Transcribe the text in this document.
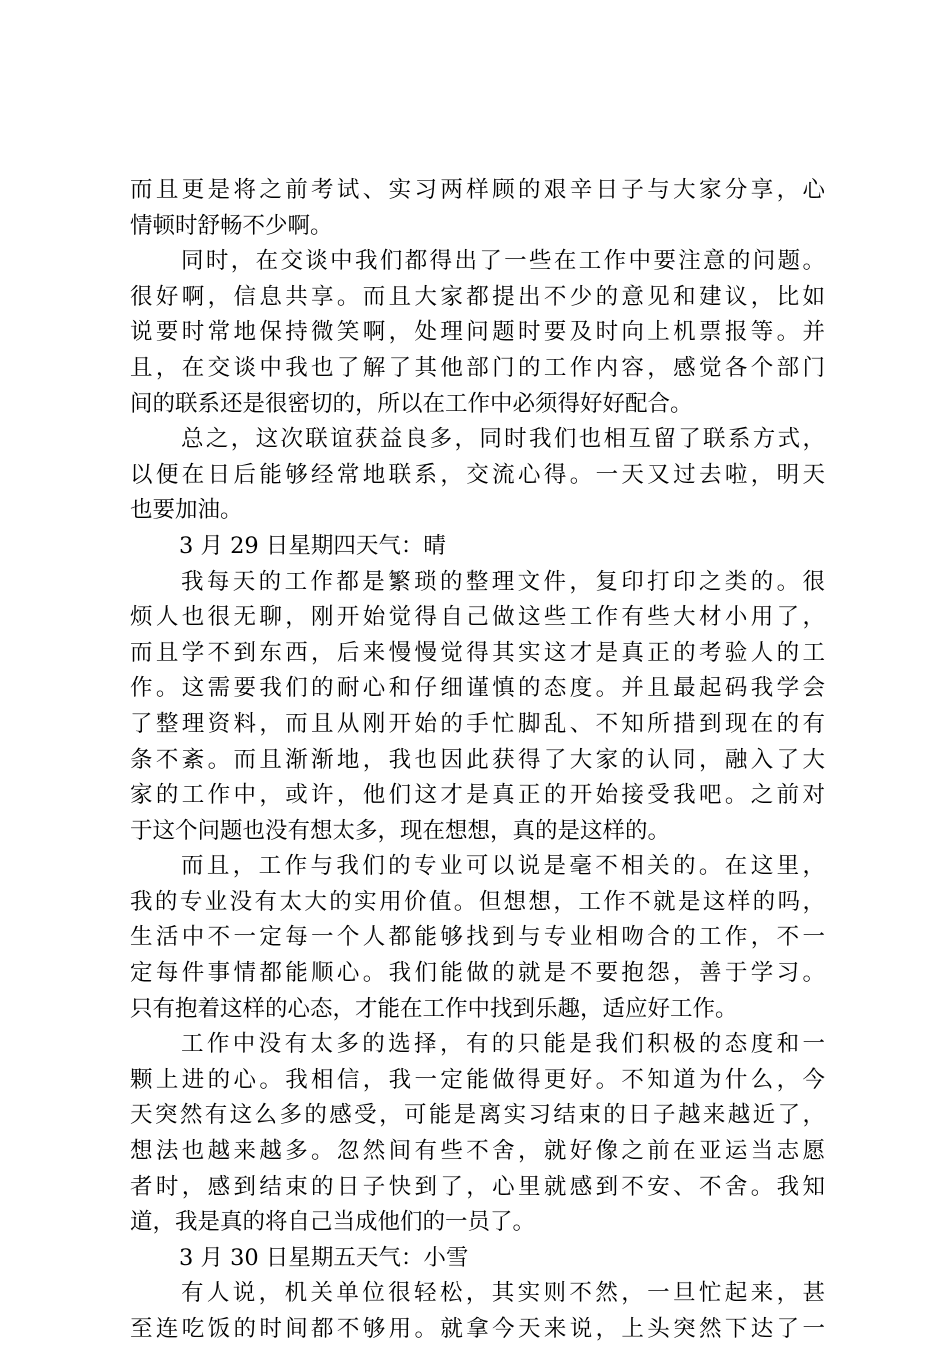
而且更是将之前考试、实习两样顾的艰辛日子与大家分享，心
情顿时舒畅不少啊。
同时，在交谈中我们都得出了一些在工作中要注意的问题。
很好啊，信息共享。而且大家都提出不少的意见和建议，比如
说要时常地保持微笑啊，处理问题时要及时向上机票报等。并
且，在交谈中我也了解了其他部门的工作内容，感觉各个部门
间的联系还是很密切的，所以在工作中必须得好好配合。
总之，这次联谊获益良多，同时我们也相互留了联系方式，
以便在日后能够经常地联系，交流心得。一天又过去啦，明天
也要加油。
3 月 29 日星期四天气：晴
我每天的工作都是繁琐的整理文件，复印打印之类的。很
烦人也很无聊，刚开始觉得自己做这些工作有些大材小用了，
而且学不到东西，后来慢慢觉得其实这才是真正的考验人的工
作。这需要我们的耐心和仔细谨慎的态度。并且最起码我学会
了整理资料，而且从刚开始的手忙脚乱、不知所措到现在的有
条不紊。而且渐渐地，我也因此获得了大家的认同，融入了大
家的工作中，或许，他们这才是真正的开始接受我吧。之前对
于这个问题也没有想太多，现在想想，真的是这样的。
而且，工作与我们的专业可以说是毫不相关的。在这里，
我的专业没有太大的实用价值。但想想，工作不就是这样的吗，
生活中不一定每一个人都能够找到与专业相吻合的工作，不一
定每件事情都能顺心。我们能做的就是不要抱怨，善于学习。
只有抱着这样的心态，才能在工作中找到乐趣，适应好工作。
工作中没有太多的选择，有的只能是我们积极的态度和一
颗上进的心。我相信，我一定能做得更好。不知道为什么，今
天突然有这么多的感受，可能是离实习结束的日子越来越近了，
想法也越来越多。忽然间有些不舍，就好像之前在亚运当志愿
者时，感到结束的日子快到了，心里就感到不安、不舍。我知
道，我是真的将自己当成他们的一员了。
3 月 30 日星期五天气：小雪
有人说，机关单位很轻松，其实则不然，一旦忙起来，甚
至连吃饭的时间都不够用。就拿今天来说，上头突然下达了一
